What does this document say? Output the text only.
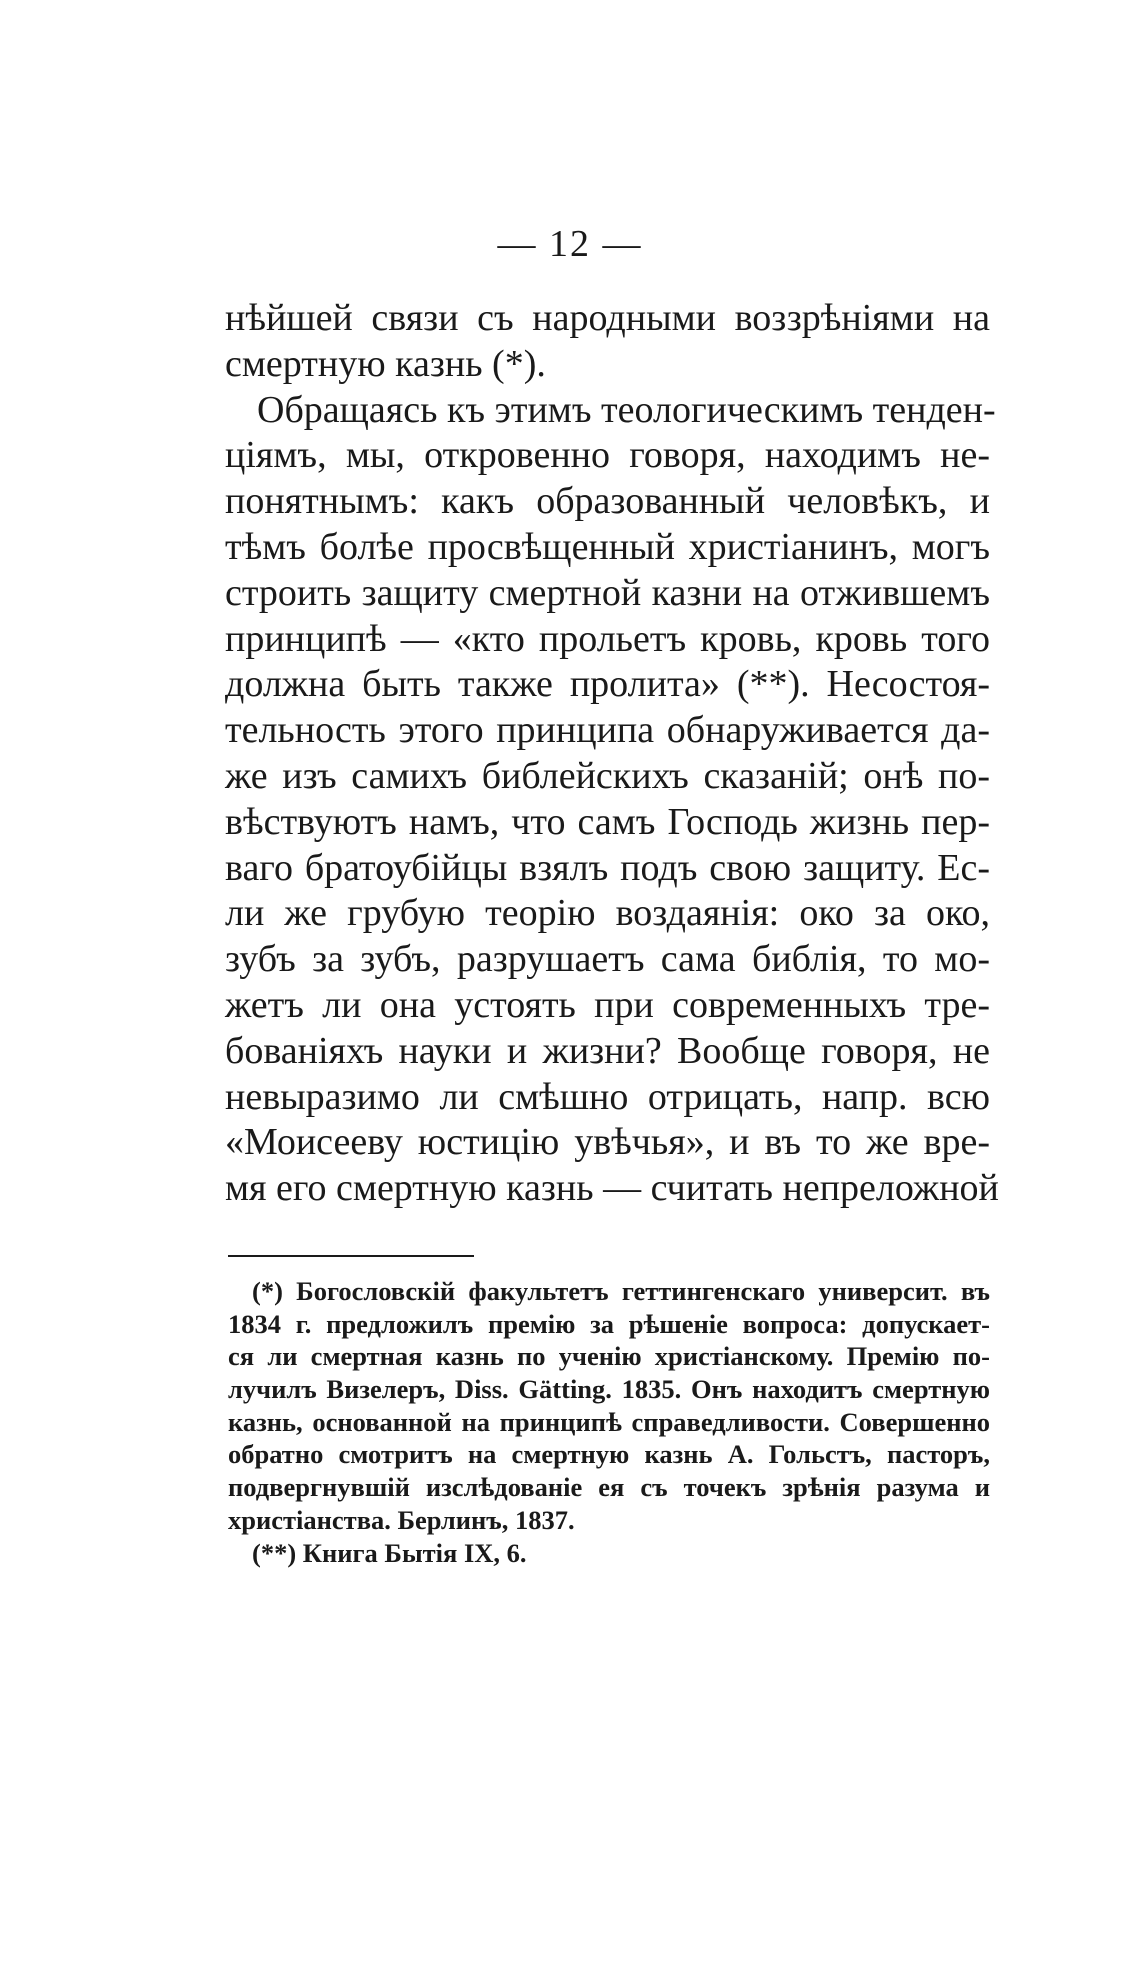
— 12 —
нѣйшей связи съ народными воззрѣніями на
смертную казнь (*).
Обращаясь къ этимъ теологическимъ тенден-
ціямъ, мы, откровенно говоря, находимъ не-
понятнымъ: какъ образованный человѣкъ, и
тѣмъ болѣе просвѣщенный христіанинъ, могъ
строить защиту смертной казни на отжившемъ
принципѣ — «кто прольетъ кровь, кровь того
должна быть также пролита» (**). Несостоя-
тельность этого принципа обнаруживается да-
же изъ самихъ библейскихъ сказаній; онѣ по-
вѣствуютъ намъ, что самъ Господь жизнь пер-
ваго братоубійцы взялъ подъ свою защиту. Ес-
ли же грубую теорію воздаянія: око за око,
зубъ за зубъ, разрушаетъ сама библія, то мо-
жетъ ли она устоять при современныхъ тре-
бованіяхъ науки и жизни? Вообще говоря, не
невыразимо ли смѣшно отрицать, напр. всю
«Моисееву юстицію увѣчья», и въ то же вре-
мя его смертную казнь — считать непреложной
(*) Богословскій факультетъ геттингенскаго университ. въ
1834 г. предложилъ премію за рѣшеніе вопроса: допускает-
ся ли смертная казнь по ученію христіанскому. Премію по-
лучилъ Визелеръ, Diss. Gätting. 1835. Онъ находитъ смертную
казнь, основанной на принципѣ справедливости. Совершенно
обратно смотритъ на смертную казнь А. Гольстъ, пасторъ,
подвергнувшій изслѣдованіе ея съ точекъ зрѣнія разума и
христіанства. Берлинъ, 1837.
(**) Книга Бытія IX, 6.
